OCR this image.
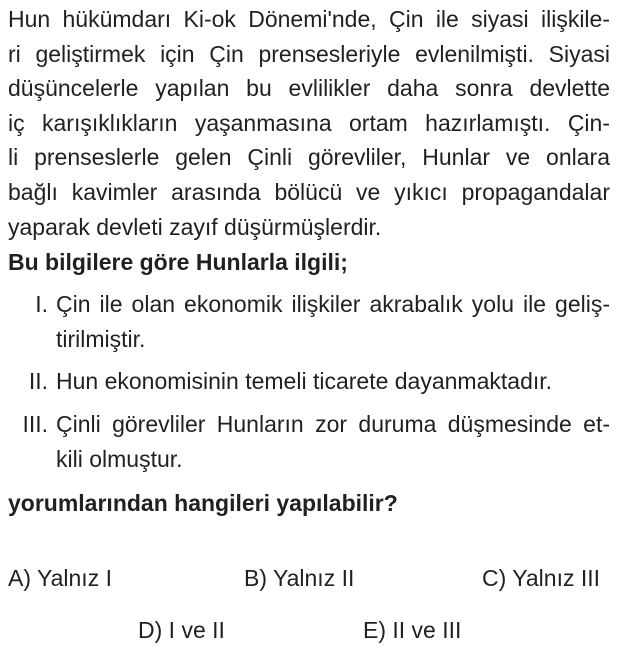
Hun hükümdarı Ki-ok Dönemi'nde, Çin ile siyasi ilişkile-
ri geliştirmek için Çin prensesleriyle evlenilmişti. Siyasi
düşüncelerle yapılan bu evlilikler daha sonra devlette
iç karışıklıkların yaşanmasına ortam hazırlamıştı. Çin-
li prenseslerle gelen Çinli görevliler, Hunlar ve onlara
bağlı kavimler arasında bölücü ve yıkıcı propagandalar
yaparak devleti zayıf düşürmüşlerdir.

Bu bilgilere göre Hunlarla ilgili;

I. Çin ile olan ekonomik ilişkiler akrabalık yolu ile geliş-
tirilmiştir.
II. Hun ekonomisinin temeli ticarete dayanmaktadır.
III. Çinli görevliler Hunların zor duruma düşmesinde et-
kili olmuştur.

yorumlarından hangileri yapılabilir?

A) Yalnız I	B) Yalnız II	C) Yalnız III
D) I ve II	E) II ve III
